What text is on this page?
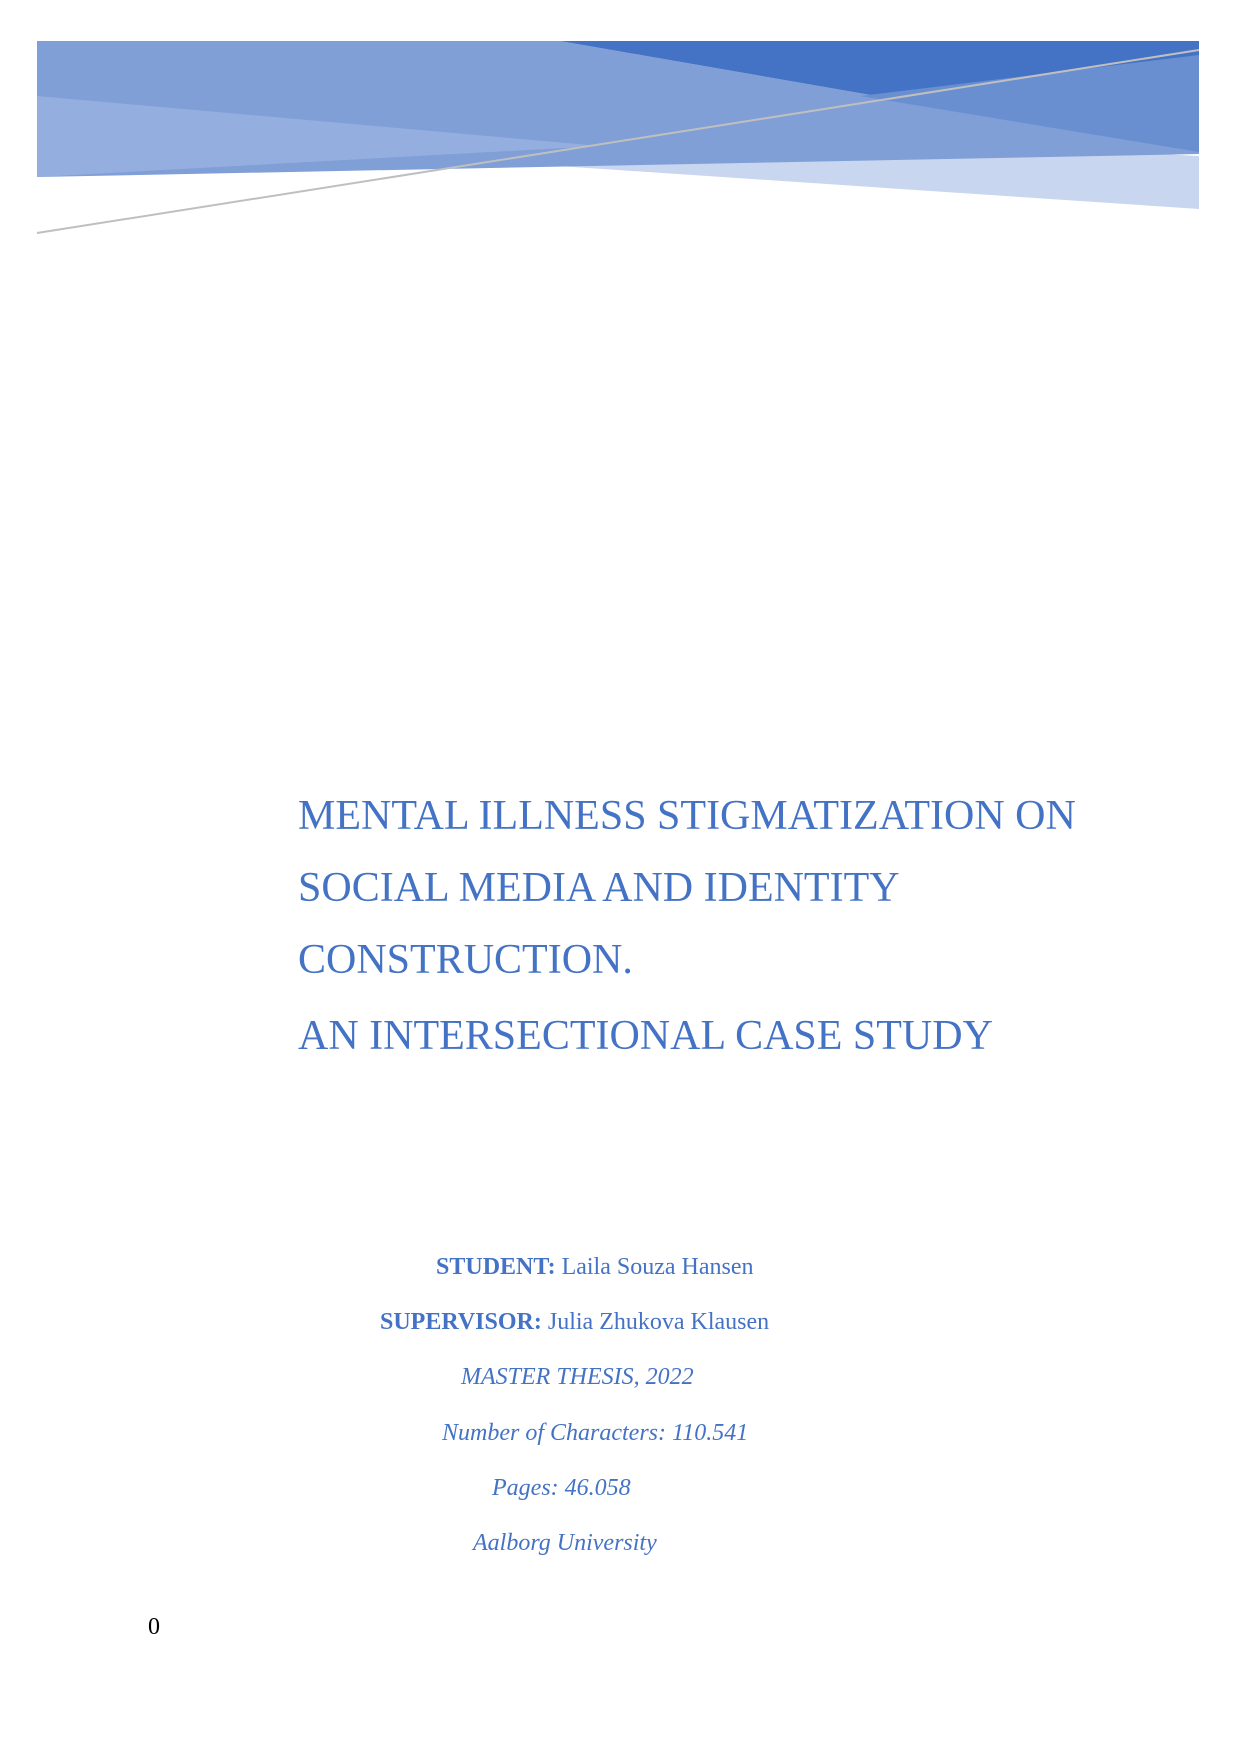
MENTAL ILLNESS STIGMATIZATION ON
SOCIAL MEDIA AND IDENTITY
CONSTRUCTION.
AN INTERSECTIONAL CASE STUDY
STUDENT: Laila Souza Hansen
SUPERVISOR: Julia Zhukova Klausen
MASTER THESIS, 2022
Number of Characters: 110.541
Pages: 46.058
Aalborg University
0
